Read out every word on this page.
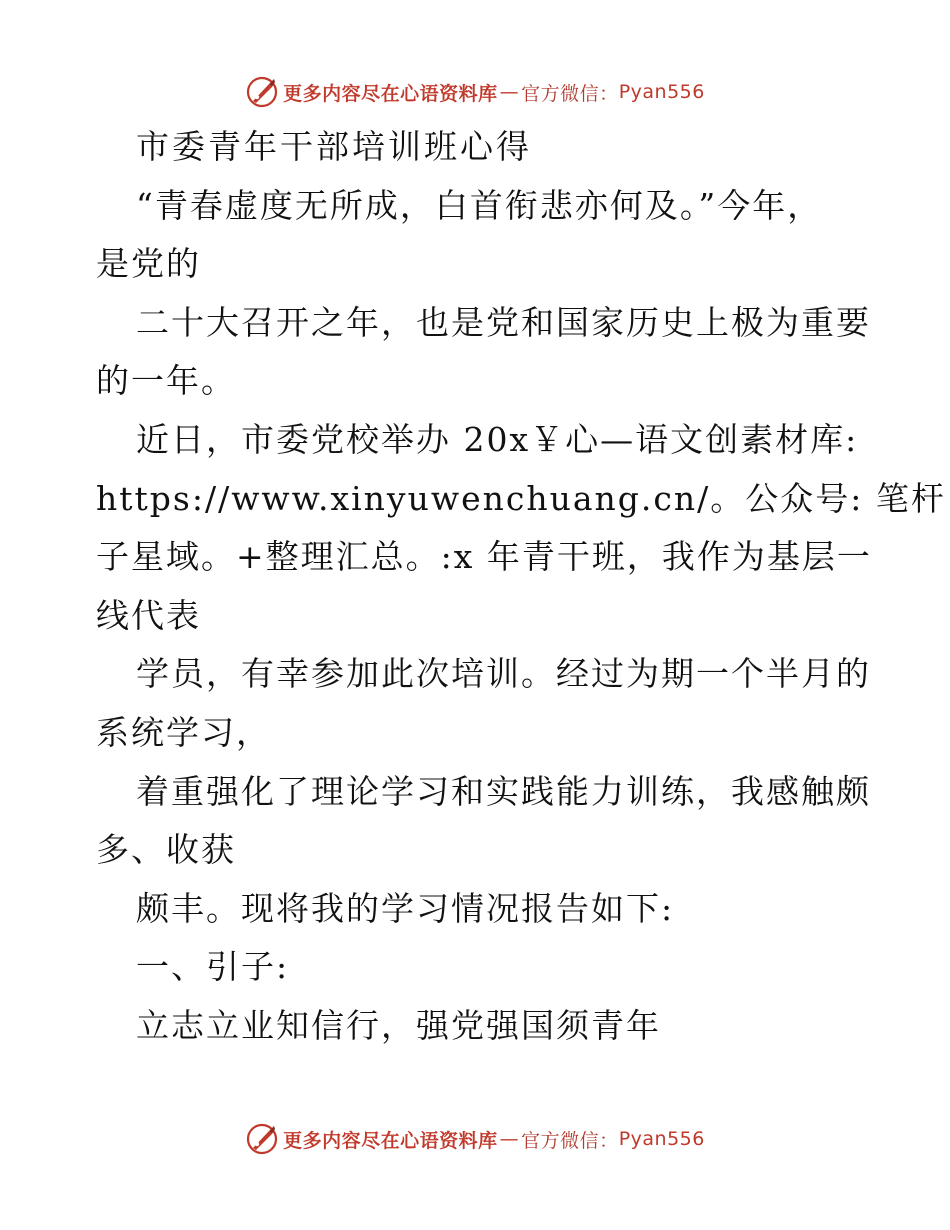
更多内容尽在心语资料库 — 官方微信： Pyan556
市委青年干部培训班心得
“青春虚度无所成，白首衔悲亦何及。”今年，
是党的
二十大召开之年，也是党和国家历史上极为重要
的一年。
近日，市委党校举办 20x￥心—语文创素材库:
https://www.xinyuwenchuang.cn/。公众号: 笔杆
子星域。+整理汇总。:x 年青干班，我作为基层一
线代表
学员，有幸参加此次培训。经过为期一个半月的
系统学习，
着重强化了理论学习和实践能力训练，我感触颇
多、收获
颇丰。现将我的学习情况报告如下:
一、引子:
立志立业知信行，强党强国须青年
更多内容尽在心语资料库 — 官方微信： Pyan556
